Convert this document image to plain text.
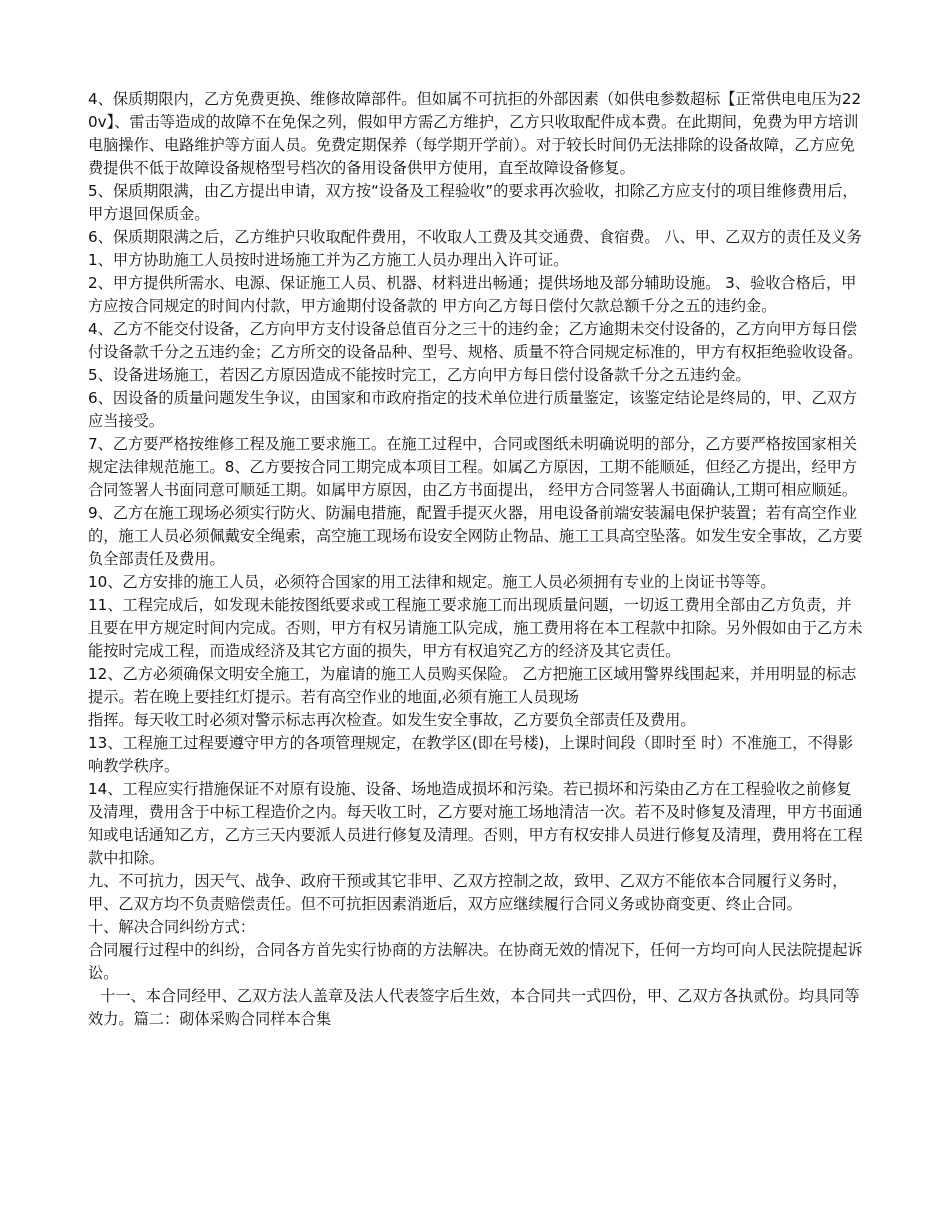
4、保质期限内，乙方免费更换、维修故障部件。但如属不可抗拒的外部因素（如供电参数超标【正常供电电压为220v】、雷击等造成的故障不在免保之列，假如甲方需乙方维护，乙方只收取配件成本费。在此期间，免费为甲方培训电脑操作、电路维护等方面人员。免费定期保养（每学期开学前）。对于较长时间仍无法排除的设备故障，乙方应免费提供不低于故障设备规格型号档次的备用设备供甲方使用，直至故障设备修复。

5、保质期限满，由乙方提出申请，双方按“设备及工程验收”的要求再次验收，扣除乙方应支付的项目维修费用后，甲方退回保质金。

6、保质期限满之后，乙方维护只收取配件费用，不收取人工费及其交通费、食宿费。 八、甲、乙双方的责任及义务

1、甲方协助施工人员按时进场施工并为乙方施工人员办理出入许可证。

2、甲方提供所需水、电源、保证施工人员、机器、材料进出畅通；提供场地及部分辅助设施。 3、验收合格后，甲方应按合同规定的时间内付款，甲方逾期付设备款的 甲方向乙方每日偿付欠款总额千分之五的违约金。

4、乙方不能交付设备，乙方向甲方支付设备总值百分之三十的违约金；乙方逾期未交付设备的，乙方向甲方每日偿付设备款千分之五违约金；乙方所交的设备品种、型号、规格、质量不符合同规定标准的，甲方有权拒绝验收设备。

5、设备进场施工，若因乙方原因造成不能按时完工，乙方向甲方每日偿付设备款千分之五违约金。

6、因设备的质量问题发生争议，由国家和市政府指定的技术单位进行质量鉴定，该鉴定结论是终局的，甲、乙双方应当接受。

7、乙方要严格按维修工程及施工要求施工。在施工过程中，合同或图纸未明确说明的部分，乙方要严格按国家相关规定法律规范施工。8、乙方要按合同工期完成本项目工程。如属乙方原因，工期不能顺延，但经乙方提出，经甲方合同签署人书面同意可顺延工期。如属甲方原因，由乙方书面提出， 经甲方合同签署人书面确认,工期可相应顺延。

9、乙方在施工现场必须实行防火、防漏电措施，配置手提灭火器，用电设备前端安装漏电保护装置；若有高空作业的，施工人员必须佩戴安全绳索，高空施工现场布设安全网防止物品、施工工具高空坠落。如发生安全事故，乙方要负全部责任及费用。

10、乙方安排的施工人员，必须符合国家的用工法律和规定。施工人员必须拥有专业的上岗证书等等。

11、工程完成后，如发现未能按图纸要求或工程施工要求施工而出现质量问题，一切返工费用全部由乙方负责，并且要在甲方规定时间内完成。否则，甲方有权另请施工队完成，施工费用将在本工程款中扣除。另外假如由于乙方未能按时完成工程，而造成经济及其它方面的损失，甲方有权追究乙方的经济及其它责任。

12、乙方必须确保文明安全施工，为雇请的施工人员购买保险。 乙方把施工区域用警界线围起来，并用明显的标志提示。若在晚上要挂红灯提示。若有高空作业的地面,必须有施工人员现场

指挥。每天收工时必须对警示标志再次检查。如发生安全事故，乙方要负全部责任及费用。

13、工程施工过程要遵守甲方的各项管理规定，在教学区(即在号楼)，上课时间段（即时至 时）不准施工，不得影响教学秩序。

14、工程应实行措施保证不对原有设施、设备、场地造成损坏和污染。若已损坏和污染由乙方在工程验收之前修复及清理，费用含于中标工程造价之内。每天收工时，乙方要对施工场地清洁一次。若不及时修复及清理，甲方书面通知或电话通知乙方，乙方三天内要派人员进行修复及清理。否则，甲方有权安排人员进行修复及清理，费用将在工程款中扣除。

九、不可抗力，因天气、战争、政府干预或其它非甲、乙双方控制之故，致甲、乙双方不能依本合同履行义务时，甲、乙双方均不负责赔偿责任。但不可抗拒因素消逝后，双方应继续履行合同义务或协商变更、终止合同。

十、解决合同纠纷方式：

合同履行过程中的纠纷，合同各方首先实行协商的方法解决。在协商无效的情况下，任何一方均可向人民法院提起诉讼。

十一、本合同经甲、乙双方法人盖章及法人代表签字后生效，本合同共一式四份，甲、乙双方各执贰份。均具同等效力。篇二：砌体采购合同样本合集
